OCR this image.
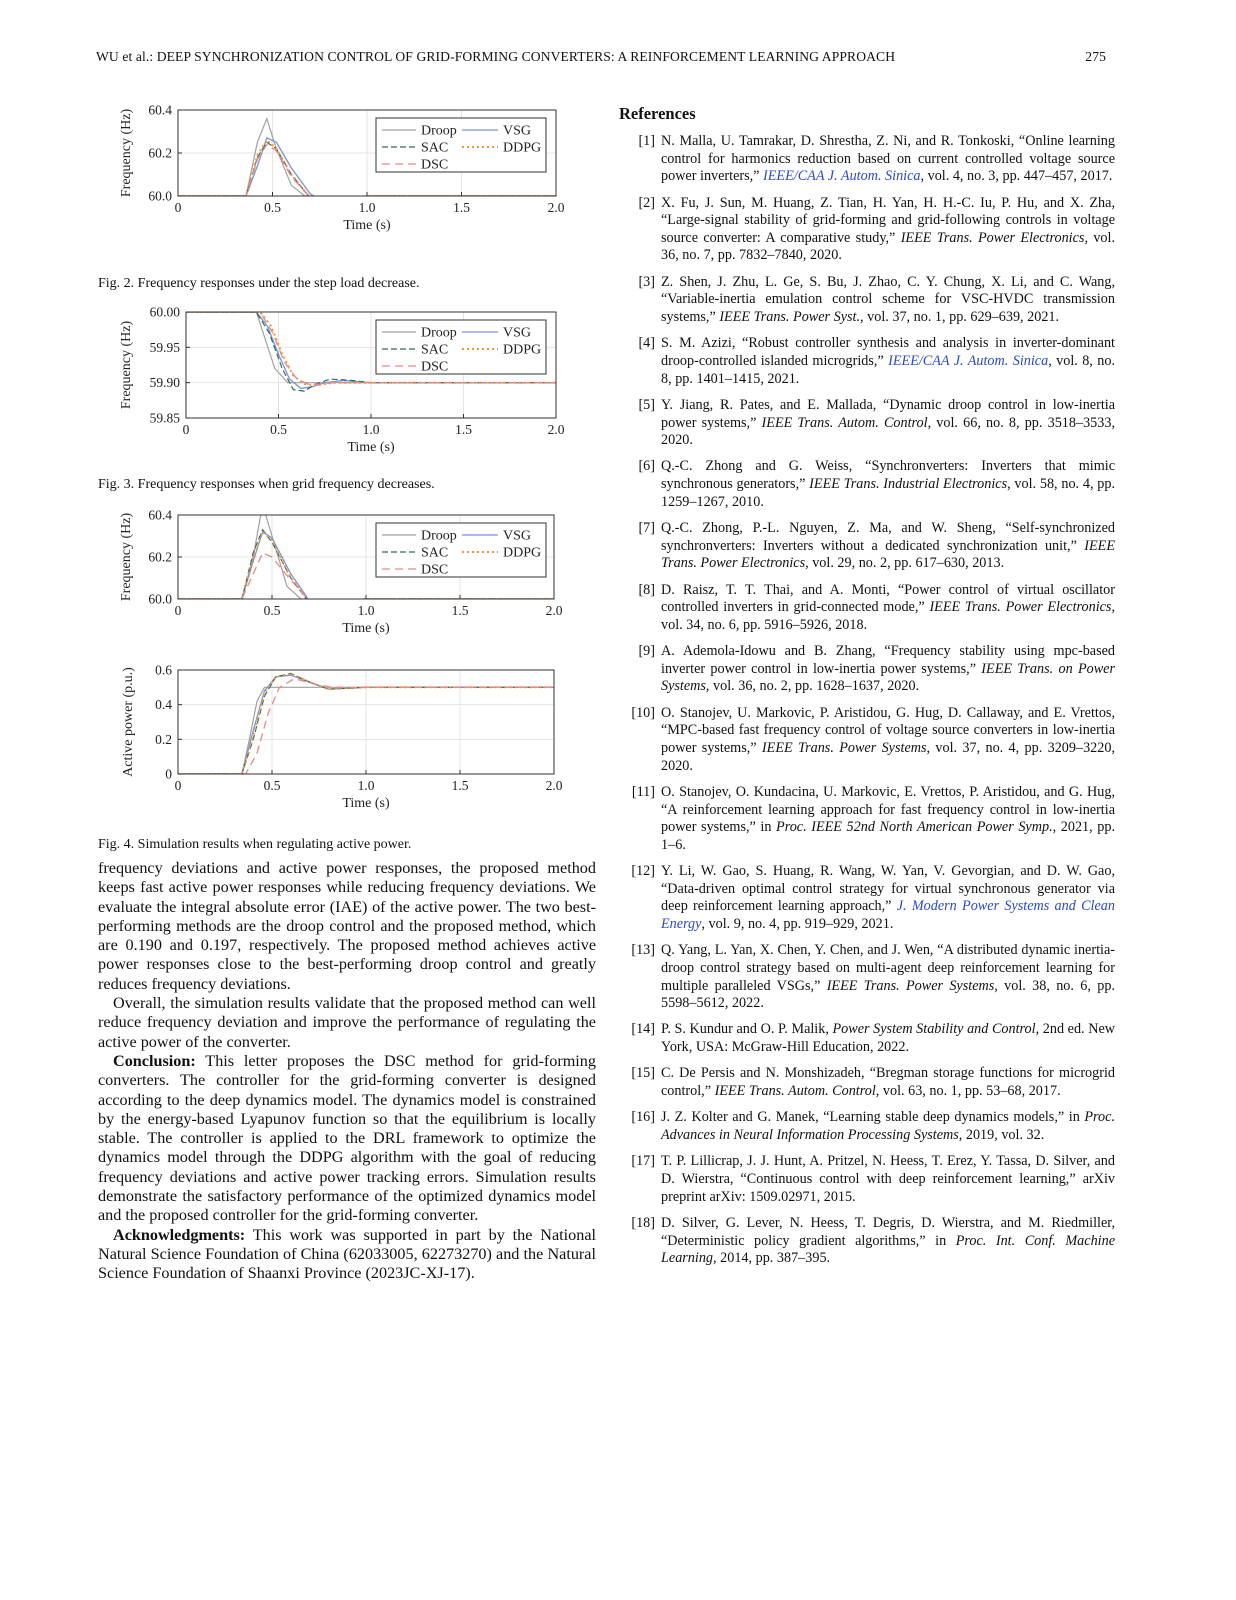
WU et al.: DEEP SYNCHRONIZATION CONTROL OF GRID-FORMING CONVERTERS: A REINFORCEMENT LEARNING APPROACH	275
0	0.5	1.0	1.5	2.0
60.0
60.2
60.4
Time (s)
Frequency (Hz)	Droop	VSG
SAC	DDPG
DSC
Fig. 2. Frequency responses under the step load decrease.
0	0.5	1.0	1.5	2.0
59.85
59.90
59.95
60.00
Time (s)
Frequency (Hz)	Droop	VSG
SAC	DDPG
DSC
Fig. 3. Frequency responses when grid frequency decreases.
0	0.5	1.0	1.5	2.0
60.0
60.2
60.4
Time (s)
Frequency (Hz)	Droop	VSG
SAC	DDPG
DSC
0	0.5	1.0	1.5	2.0
0
0.2
0.4
0.6
Time (s)
Active power (p.u.)
Fig. 4. Simulation results when regulating active power.

frequency deviations and active power responses, the proposed method keeps fast active power responses while reducing frequency deviations. We evaluate the integral absolute error (IAE) of the active power. The two best-performing methods are the droop control and the proposed method, which are 0.190 and 0.197, respectively. The proposed method achieves active power responses close to the best-performing droop control and greatly reduces frequency deviations.

Overall, the simulation results validate that the proposed method can well reduce frequency deviation and improve the performance of regulating the active power of the converter.

Conclusion: This letter proposes the DSC method for grid-forming converters. The controller for the grid-forming converter is designed according to the deep dynamics model. The dynamics model is constrained by the energy-based Lyapunov function so that the equilibrium is locally stable. The controller is applied to the DRL framework to optimize the dynamics model through the DDPG algorithm with the goal of reducing frequency deviations and active power tracking errors. Simulation results demonstrate the satisfactory performance of the optimized dynamics model and the proposed controller for the grid-forming converter.

Acknowledgments: This work was supported in part by the National Natural Science Foundation of China (62033005, 62273270) and the Natural Science Foundation of Shaanxi Province (2023JC-XJ-17).

References
[1] N. Malla, U. Tamrakar, D. Shrestha, Z. Ni, and R. Tonkoski, “Online learning control for harmonics reduction based on current controlled voltage source power inverters,” IEEE/CAA J. Autom. Sinica, vol. 4, no. 3, pp. 447–457, 2017.
[2] X. Fu, J. Sun, M. Huang, Z. Tian, H. Yan, H. H.-C. Iu, P. Hu, and X. Zha, “Large-signal stability of grid-forming and grid-following controls in voltage source converter: A comparative study,” IEEE Trans. Power Electronics, vol. 36, no. 7, pp. 7832–7840, 2020.
[3] Z. Shen, J. Zhu, L. Ge, S. Bu, J. Zhao, C. Y. Chung, X. Li, and C. Wang, “Variable-inertia emulation control scheme for VSC-HVDC transmission systems,” IEEE Trans. Power Syst., vol. 37, no. 1, pp. 629–639, 2021.
[4] S. M. Azizi, “Robust controller synthesis and analysis in inverter-dominant droop-controlled islanded microgrids,” IEEE/CAA J. Autom. Sinica, vol. 8, no. 8, pp. 1401–1415, 2021.
[5] Y. Jiang, R. Pates, and E. Mallada, “Dynamic droop control in low-inertia power systems,” IEEE Trans. Autom. Control, vol. 66, no. 8, pp. 3518–3533, 2020.
[6] Q.-C. Zhong and G. Weiss, “Synchronverters: Inverters that mimic synchronous generators,” IEEE Trans. Industrial Electronics, vol. 58, no. 4, pp. 1259–1267, 2010.
[7] Q.-C. Zhong, P.-L. Nguyen, Z. Ma, and W. Sheng, “Self-synchronized synchronverters: Inverters without a dedicated synchronization unit,” IEEE Trans. Power Electronics, vol. 29, no. 2, pp. 617–630, 2013.
[8] D. Raisz, T. T. Thai, and A. Monti, “Power control of virtual oscillator controlled inverters in grid-connected mode,” IEEE Trans. Power Electronics, vol. 34, no. 6, pp. 5916–5926, 2018.
[9] A. Ademola-Idowu and B. Zhang, “Frequency stability using mpc-based inverter power control in low-inertia power systems,” IEEE Trans. on Power Systems, vol. 36, no. 2, pp. 1628–1637, 2020.
[10] O. Stanojev, U. Markovic, P. Aristidou, G. Hug, D. Callaway, and E. Vrettos, “MPC-based fast frequency control of voltage source converters in low-inertia power systems,” IEEE Trans. Power Systems, vol. 37, no. 4, pp. 3209–3220, 2020.
[11] O. Stanojev, O. Kundacina, U. Markovic, E. Vrettos, P. Aristidou, and G. Hug, “A reinforcement learning approach for fast frequency control in low-inertia power systems,” in Proc. IEEE 52nd North American Power Symp., 2021, pp. 1–6.
[12] Y. Li, W. Gao, S. Huang, R. Wang, W. Yan, V. Gevorgian, and D. W. Gao, “Data-driven optimal control strategy for virtual synchronous generator via deep reinforcement learning approach,” J. Modern Power Systems and Clean Energy, vol. 9, no. 4, pp. 919–929, 2021.
[13] Q. Yang, L. Yan, X. Chen, Y. Chen, and J. Wen, “A distributed dynamic inertia-droop control strategy based on multi-agent deep reinforcement learning for multiple paralleled VSGs,” IEEE Trans. Power Systems, vol. 38, no. 6, pp. 5598–5612, 2022.
[14] P. S. Kundur and O. P. Malik, Power System Stability and Control, 2nd ed. New York, USA: McGraw-Hill Education, 2022.
[15] C. De Persis and N. Monshizadeh, “Bregman storage functions for microgrid control,” IEEE Trans. Autom. Control, vol. 63, no. 1, pp. 53–68, 2017.
[16] J. Z. Kolter and G. Manek, “Learning stable deep dynamics models,” in Proc. Advances in Neural Information Processing Systems, 2019, vol. 32.
[17] T. P. Lillicrap, J. J. Hunt, A. Pritzel, N. Heess, T. Erez, Y. Tassa, D. Silver, and D. Wierstra, “Continuous control with deep reinforcement learning,” arXiv preprint arXiv: 1509.02971, 2015.
[18] D. Silver, G. Lever, N. Heess, T. Degris, D. Wierstra, and M. Riedmiller, “Deterministic policy gradient algorithms,” in Proc. Int. Conf. Machine Learning, 2014, pp. 387–395.
